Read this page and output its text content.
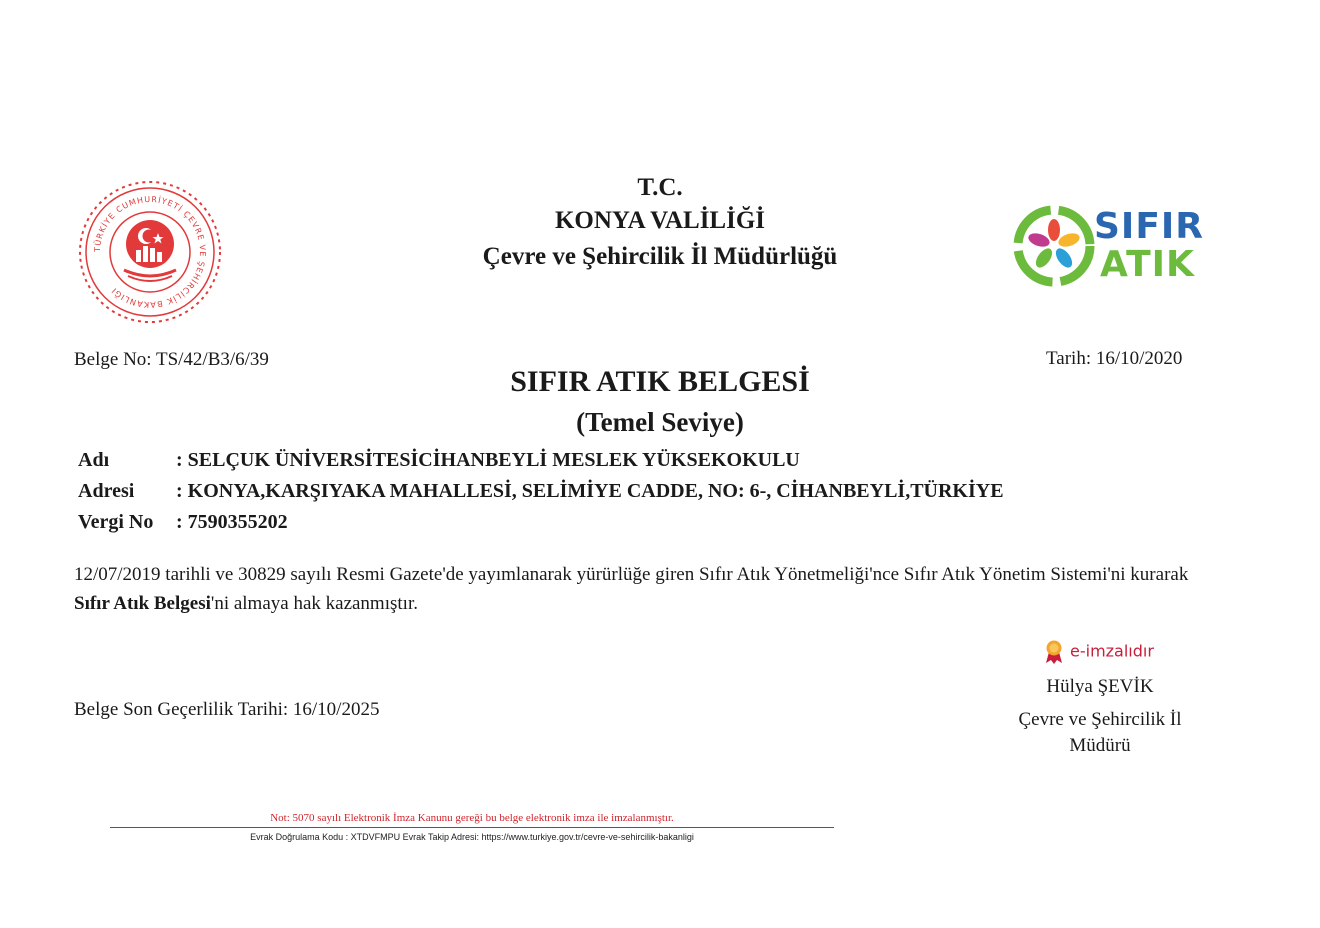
T.C.
KONYA VALİLİĞİ
Çevre ve Şehircilik İl Müdürlüğü
TÜRKİYE CUMHURİYETİ ÇEVRE VE ŞEHİRCİLİK BAKANLIĞI
SIFIR
ATIK
Belge No: TS/42/B3/6/39	Tarih: 16/10/2020
SIFIR ATIK BELGESİ
(Temel Seviye)
Adı	: SELÇUK ÜNİVERSİTESİCİHANBEYLİ MESLEK YÜKSEKOKULU
Adresi : KONYA,KARŞIYAKA MAHALLESİ, SELİMİYE CADDE, NO: 6-, CİHANBEYLİ,TÜRKİYE
Vergi No : 7590355202
12/07/2019 tarihli ve 30829 sayılı Resmi Gazete'de yayımlanarak yürürlüğe giren Sıfır Atık Yönetmeliği'nce Sıfır Atık Yönetim Sistemi'ni kurarak Sıfır Atık Belgesi'ni almaya hak kazanmıştır.
e-imzalıdır
Hülya ŞEVİK
Çevre ve Şehircilik İl
Müdürü
Belge Son Geçerlilik Tarihi: 16/10/2025
Not: 5070 sayılı Elektronik İmza Kanunu gereği bu belge elektronik imza ile imzalanmıştır.
Evrak Doğrulama Kodu : XTDVFMPU Evrak Takip Adresi: https://www.turkiye.gov.tr/cevre-ve-sehircilik-bakanligi
